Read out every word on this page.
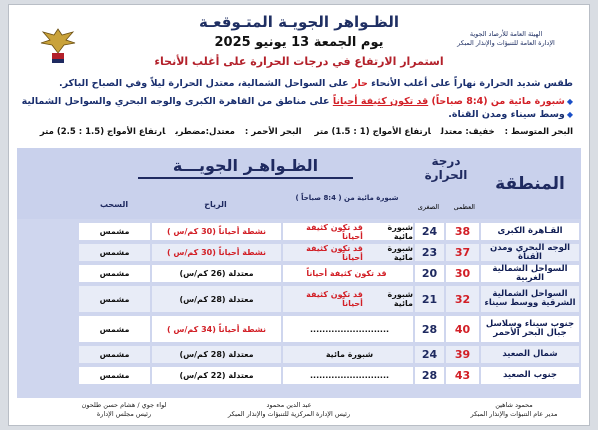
الهيئة العامة للأرصاد الجوية
الإدارة العامة للتنبؤات والإنذار المبكر
الظـواهر الجويـة المتـوقعـة
يوم الجمعة 13 يونيو 2025
استمرار الارتفاع في درجات الحرارة على أغلب الأنحاء
طقس شديد الحرارة نهاراً على أغلب الأنحاء حار على السواحل الشمالية، معتدل الحرارة ليلاً وفي الصباح الباكر.
◆شبورة مائية من (8:4 صباحاً) قد تكون كثيفة أحياناً على مناطق من القاهرة الكبرى والوجه البحري والسواحل الشمالية
◆وسط سيناء ومدن القناة.
البحر المتوسط :خفيف: معتدلارتفاع الأمواج (1 : 1.5) متر البحر الأحمر :معتدل:مضطربارتفاع الأمواج (1.5 : 2.5) متر
المنطقة
درجة الحرارة
العظمى
الصغرى
الظـواهـر الجويـــة
شبورة مائية من ( 8:4 صباحاً )
الرياح
السحب
القـاهرة الكبرى
38
24
شبورة مائية
قد تكون كثيفة أحياناً
نشطة أحياناً (30 كم/س )
مشمس
الوجه البحري ومدن القناة
37
23
شبورة مائية
قد تكون كثيفة أحياناً
نشطة أحياناً (30 كم/س )
مشمس
السواحل الشمالية الغربية
30
20
قد تكون كثيفة أحياناً
معتدلة (26 كم/س)
مشمس
السواحل الشمالية الشرقية ووسط سيناء
32
21
شبورة مائية
قد تكون كثيفة أحياناً
معتدلة (28 كم/س)
مشمس
جنوب سيناء وسلاسل جبال البحر الأحمر
40
28
..........................
نشطة أحياناً (34 كم/س )
مشمس
شمال الصعيد
39
24
شبورة مائية
معتدلة (28 كم/س)
مشمس
جنوب الصعيد
43
28
..........................
معتدلة (22 كم/س)
مشمس
محمود شاهين
مدير عام التنبؤات والإنذار المبكر
عبد الدين محمود
رئيس الإدارة المركزية للتنبؤات والإنذار المبكر
لواء جوي / هشام حسن طلحون
رئيس مجلس الإدارة
